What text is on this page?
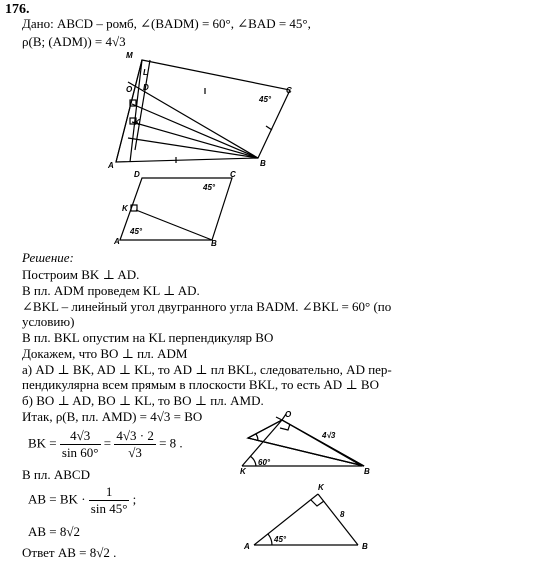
176.
Дано: ABCD – ромб, ∠(BADM) = 60°, ∠BAD = 45°,
ρ(B; (ADM)) = 4√3
M
L
O D	C
K
A	B
45°
D	C
K
A	B
45°
45°
O
K	B
4√3
60°
K
A	B
8
45°
Решение:
Построим BK ⊥ AD.
В пл. ADM проведем KL ⊥ AD.
∠BKL – линейный угол двугранного угла BADM. ∠BKL = 60° (по
условию)
В пл. BKL опустим на KL перпендикуляр BO
Докажем, что BO ⊥ пл. ADM
а) AD ⊥ BK, AD ⊥ KL, то AD ⊥ пл BKL, следовательно, AD пер-
пендикулярна всем прямым в плоскости BKL, то есть AD ⊥ BO
б) BO ⊥ AD, BO ⊥ KL, то BO ⊥ пл. AMD.
Итак, ρ(B, пл. AMD) = 4√3 = BO
BK = $\frac{4√3}{\sin 60^\circ} = \frac{4√3 \cdot 2}{√3} = 8$ .
В пл. ABCD
AB = BK · $\frac{1}{\sin 45^\circ}$ ;
AB = 8√2
Ответ AB = 8√2 .
